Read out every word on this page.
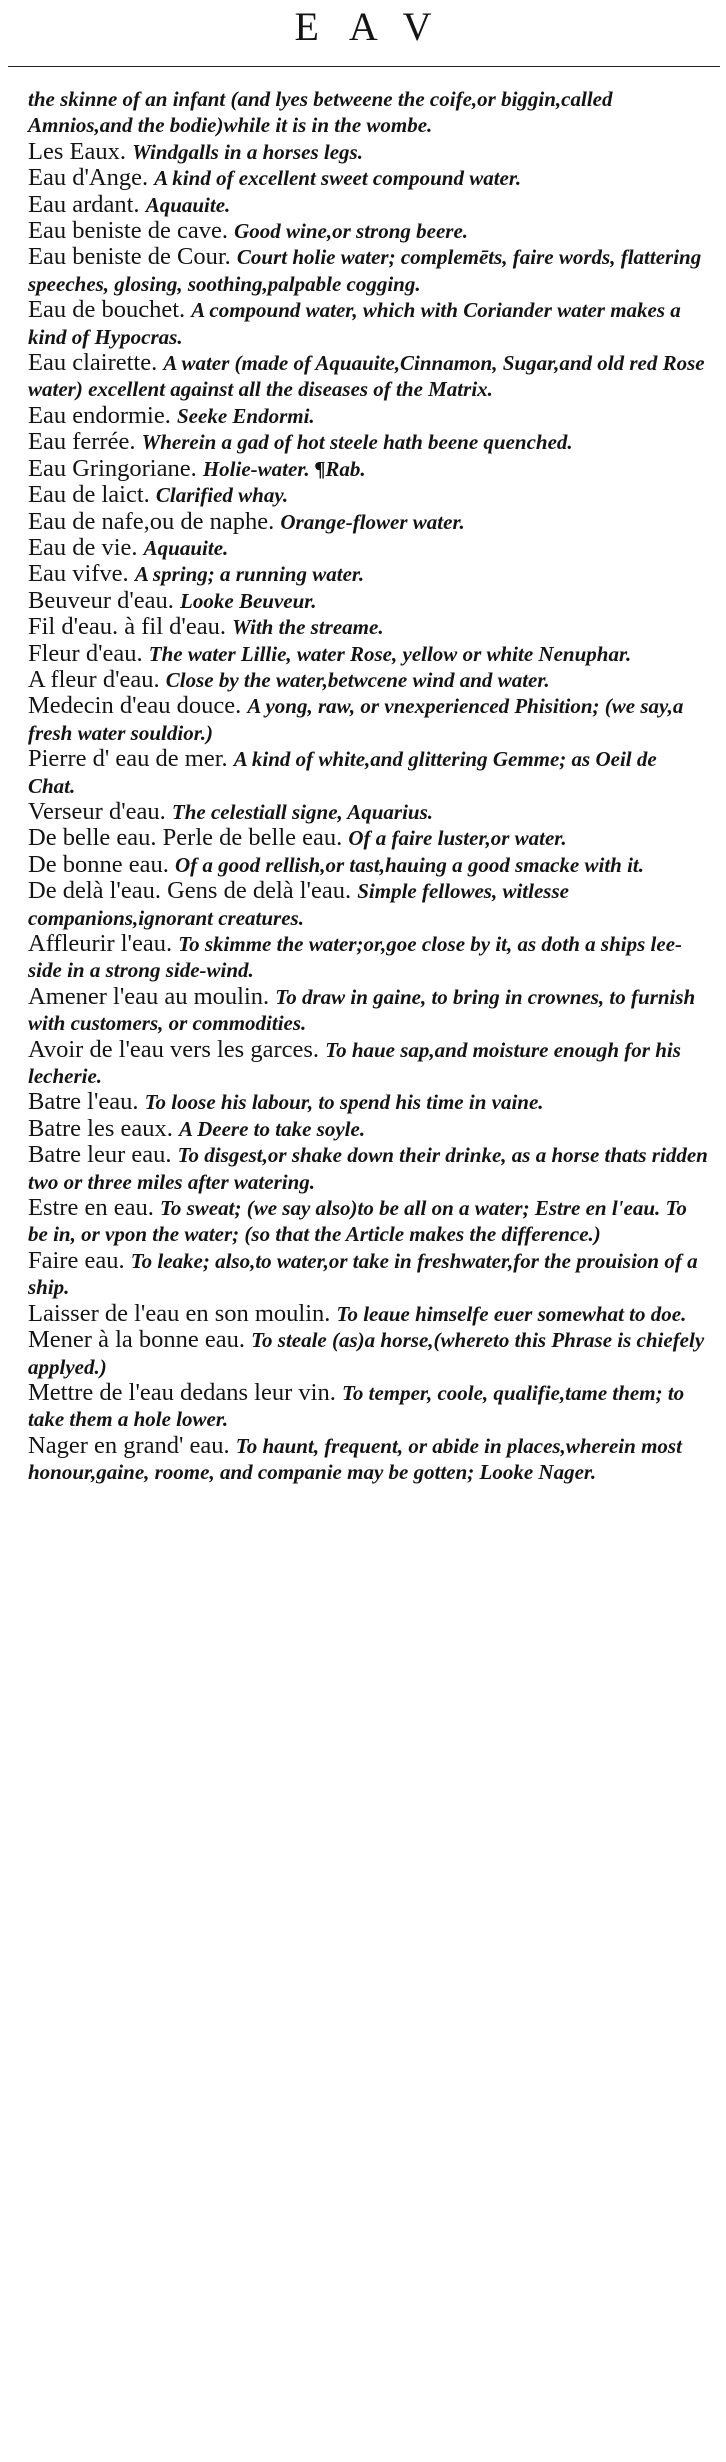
EAV

the skinne of an infant (and lyes betweene the coife,or biggin,called Amnios,and the bodie)while it is in the wombe.

Les Eaux. Windgalls in a horses legs.

Eau d'Ange. A kind of excellent sweet compound water.

Eau ardant. Aquauite.

Eau beniste de cave. Good wine,or strong beere.

Eau beniste de Cour. Court holie water; complemēts, faire words, flattering speeches, glosing, soothing,palpable cogging.

Eau de bouchet. A compound water, which with Coriander water makes a kind of Hypocras.

Eau clairette. A water (made of Aquauite,Cinnamon, Sugar,and old red Rose water) excellent against all the diseases of the Matrix.

Eau endormie. Seeke Endormi.

Eau ferrée. Wherein a gad of hot steele hath beene quenched.

Eau Gringoriane. Holie-water. ¶Rab.

Eau de laict. Clarified whay.

Eau de nafe,ou de naphe. Orange-flower water.

Eau de vie. Aquauite.

Eau vifve. A spring; a running water.

Beuveur d'eau. Looke Beuveur.

Fil d'eau. à fil d'eau. With the streame.

Fleur d'eau. The water Lillie, water Rose, yellow or white Nenuphar.

A fleur d'eau. Close by the water,betwcene wind and water.

Medecin d'eau douce. A yong, raw, or vnexperienced Phisition; (we say,a fresh water souldior.)

Pierre d' eau de mer. A kind of white,and glittering Gemme; as Oeil de Chat.

Verseur d'eau. The celestiall signe, Aquarius.

De belle eau. Perle de belle eau. Of a faire luster,or water.

De bonne eau. Of a good rellish,or tast,hauing a good smacke with it.

De delà l'eau. Gens de delà l'eau. Simple fellowes, witlesse companions,ignorant creatures.

Affleurir l'eau. To skimme the water;or,goe close by it, as doth a ships lee-side in a strong side-wind.

Amener l'eau au moulin. To draw in gaine, to bring in crownes, to furnish with customers, or commodities.

Avoir de l'eau vers les garces. To haue sap,and moisture enough for his lecherie.

Batre l'eau. To loose his labour, to spend his time in vaine.

Batre les eaux. A Deere to take soyle.

Batre leur eau. To disgest,or shake down their drinke, as a horse thats ridden two or three miles after watering.

Estre en eau. To sweat; (we say also)to be all on a water; Estre en l'eau. To be in, or vpon the water; (so that the Article makes the difference.)

Faire eau. To leake; also,to water,or take in freshwater,for the prouision of a ship.

Laisser de l'eau en son moulin. To leaue himselfe euer somewhat to doe.

Mener à la bonne eau. To steale (as)a horse,(whereto this Phrase is chiefely applyed.)

Mettre de l'eau dedans leur vin. To temper, coole, qualifie,tame them; to take them a hole lower.

Nager en grand' eau. To haunt, frequent, or abide in places,wherein most honour,gaine, roome, and companie may be gotten; Looke Nager.
